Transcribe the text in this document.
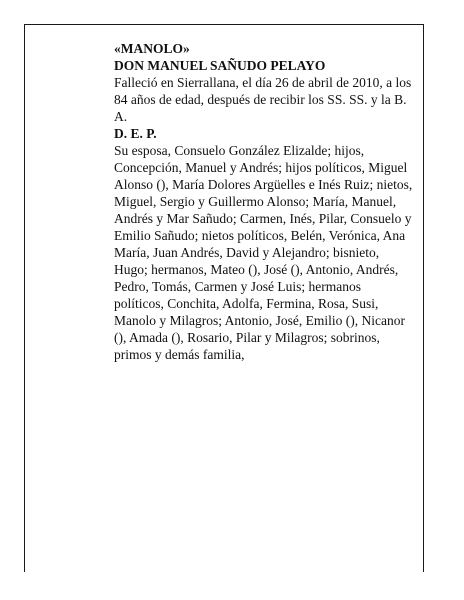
«MANOLO»

DON MANUEL SAÑUDO PELAYO

Falleció en Sierrallana, el día 26 de abril de 2010, a los 84 años de edad, después de recibir los SS. SS. y la B. A.

D. E. P.

Su esposa, Consuelo González Elizalde; hijos, Concepción, Manuel y Andrés; hijos políticos, Miguel Alonso (), María Dolores Argüelles e Inés Ruiz; nietos, Miguel, Sergio y Guillermo Alonso; María, Manuel, Andrés y Mar Sañudo; Carmen, Inés, Pilar, Consuelo y Emilio Sañudo; nietos políticos, Belén, Verónica, Ana María, Juan Andrés, David y Alejandro; bisnieto, Hugo; hermanos, Mateo (), José (), Antonio, Andrés, Pedro, Tomás, Carmen y José Luis; hermanos políticos, Conchita, Adolfa, Fermina, Rosa, Susi, Manolo y Milagros; Antonio, José, Emilio (), Nicanor (), Amada (), Rosario, Pilar y Milagros; sobrinos, primos y demás familia,
